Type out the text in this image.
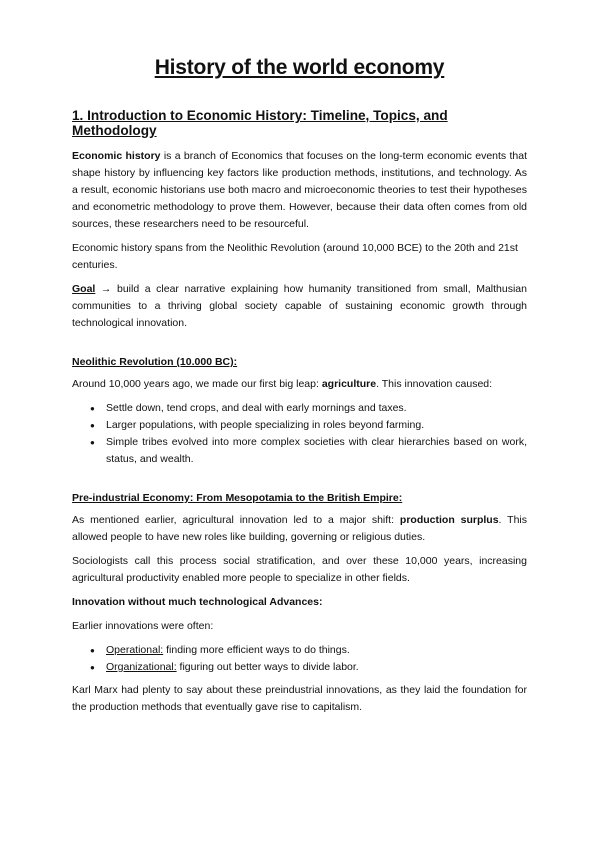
History of the world economy
1. Introduction to Economic History: Timeline, Topics, and Methodology

Economic history is a branch of Economics that focuses on the long-term economic events that shape history by influencing key factors like production methods, institutions, and technology. As a result, economic historians use both macro and microeconomic theories to test their hypotheses and econometric methodology to prove them. However, because their data often comes from old sources, these researchers need to be resourceful.

Economic history spans from the Neolithic Revolution (around 10,000 BCE) to the 20th and 21st centuries.

Goal → build a clear narrative explaining how humanity transitioned from small, Malthusian communities to a thriving global society capable of sustaining economic growth through technological innovation.

Neolithic Revolution (10.000 BC):

Around 10,000 years ago, we made our first big leap: agriculture. This innovation caused:

● Settle down, tend crops, and deal with early mornings and taxes.
● Larger populations, with people specializing in roles beyond farming.
● Simple tribes evolved into more complex societies with clear hierarchies based on work, status, and wealth.
Pre-industrial Economy: From Mesopotamia to the British Empire:

As mentioned earlier, agricultural innovation led to a major shift: production surplus. This allowed people to have new roles like building, governing or religious duties.

Sociologists call this process social stratification, and over these 10,000 years, increasing agricultural productivity enabled more people to specialize in other fields.

Innovation without much technological Advances:

Earlier innovations were often:

● Operational: finding more efficient ways to do things.
● Organizational: figuring out better ways to divide labor.

Karl Marx had plenty to say about these preindustrial innovations, as they laid the foundation for the production methods that eventually gave rise to capitalism.
